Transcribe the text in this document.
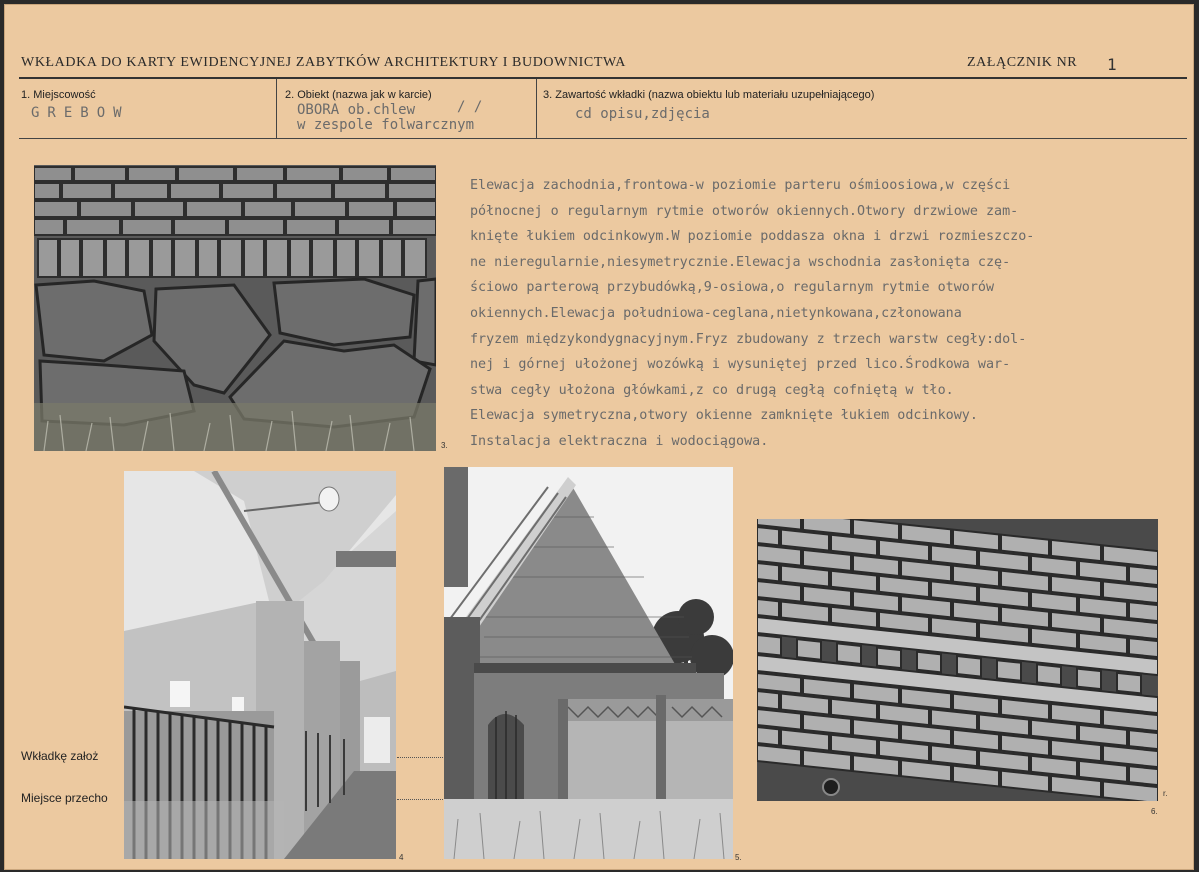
WKŁADKA DO KARTY EWIDENCYJNEJ ZABYTKÓW ARCHITEKTURY I BUDOWNICTWA	ZAŁĄCZNIK NR 1
1. Miejscowość
GREBOW
2. Obiekt (nazwa jak w karcie)
OBORA ob.chlew	/ /
w zespole folwarcznym
3. Zawartość wkładki (nazwa obiektu lub materiału uzupełniającego)
cd opisu,zdjęcia
3.
Elewacja zachodnia,frontowa-w poziomie parteru ośmioosiowa,w części
północnej o regularnym rytmie otworów okiennych.Otwory drzwiowe zam-
knięte łukiem odcinkowym.W poziomie poddasza okna i drzwi rozmieszczo-
ne nieregularnie,niesymetrycznie.Elewacja wschodnia zasłonięta czę-
ściowo parterową przybudówką,9-osiowa,o regularnym rytmie otworów
okiennych.Elewacja południowa-ceglana,nietynkowana,członowana
fryzem międzykondygnacyjnym.Fryz zbudowany z trzech warstw cegły:dol-
nej i górnej ułożonej wozówką i wysuniętej przed lico.Środkowa war-
stwa cegły ułożona główkami,z co drugą cegłą cofniętą w tło.
Elewacja symetryczna,otwory okienne zamknięte łukiem odcinkowy.
Instalacja elektraczna i wodociągowa.
Wkładkę założ
Miejsce przecho
4	5.
r.
6.
